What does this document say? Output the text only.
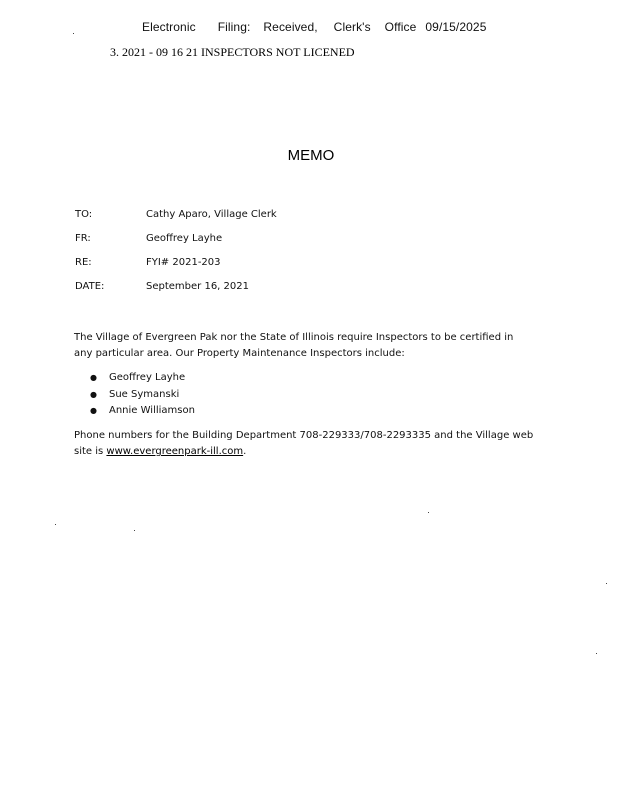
Electronic Filing: Received, Clerk's Office 09/15/2025
3. 2021 - 09 16 21 INSPECTORS NOT LICENED
MEMO
TO:	Cathy Aparo, Village Clerk
FR:	Geoffrey Layhe
RE:	FYI# 2021-203
DATE:	September 16, 2021
The Village of Evergreen Pak nor the State of Illinois require Inspectors to be certified in any particular area. Our Property Maintenance Inspectors include:
● Geoffrey Layhe
● Sue Symanski
● Annie Williamson
Phone numbers for the Building Department 708-229333/708-2293335 and the Village web site is www.evergreenpark-ill.com.
